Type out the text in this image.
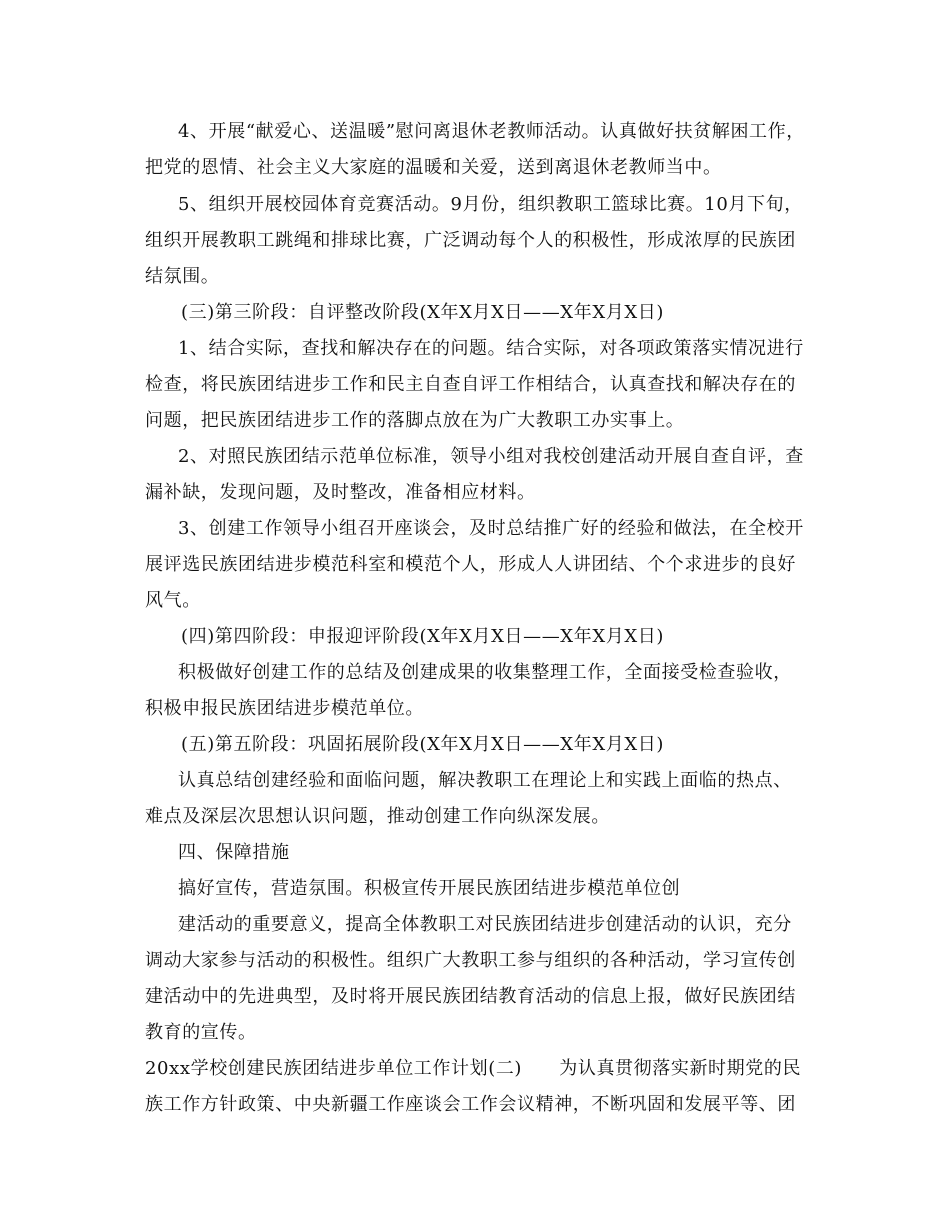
4、开展“献爱心、送温暖”慰问离退休老教师活动。认真做好扶贫解困工作，
把党的恩情、社会主义大家庭的温暖和关爱，送到离退休老教师当中。
5、组织开展校园体育竞赛活动。9月份，组织教职工篮球比赛。10月下旬，
组织开展教职工跳绳和排球比赛，广泛调动每个人的积极性，形成浓厚的民族团
结氛围。
(三)第三阶段：自评整改阶段(X年X月X日——X年X月X日)
1、结合实际，查找和解决存在的问题。结合实际，对各项政策落实情况进行
检查，将民族团结进步工作和民主自查自评工作相结合，认真查找和解决存在的
问题，把民族团结进步工作的落脚点放在为广大教职工办实事上。
2、对照民族团结示范单位标准，领导小组对我校创建活动开展自查自评，查
漏补缺，发现问题，及时整改，准备相应材料。
3、创建工作领导小组召开座谈会，及时总结推广好的经验和做法，在全校开
展评选民族团结进步模范科室和模范个人，形成人人讲团结、个个求进步的良好
风气。
(四)第四阶段：申报迎评阶段(X年X月X日——X年X月X日)
积极做好创建工作的总结及创建成果的收集整理工作，全面接受检查验收，
积极申报民族团结进步模范单位。
(五)第五阶段：巩固拓展阶段(X年X月X日——X年X月X日)
认真总结创建经验和面临问题，解决教职工在理论上和实践上面临的热点、
难点及深层次思想认识问题，推动创建工作向纵深发展。
四、保障措施
搞好宣传，营造氛围。积极宣传开展民族团结进步模范单位创
建活动的重要意义，提高全体教职工对民族团结进步创建活动的认识，充分
调动大家参与活动的积极性。组织广大教职工参与组织的各种活动，学习宣传创
建活动中的先进典型，及时将开展民族团结教育活动的信息上报，做好民族团结
教育的宣传。
20xx学校创建民族团结进步单位工作计划(二)　　为认真贯彻落实新时期党的民
族工作方针政策、中央新疆工作座谈会工作会议精神，不断巩固和发展平等、团
